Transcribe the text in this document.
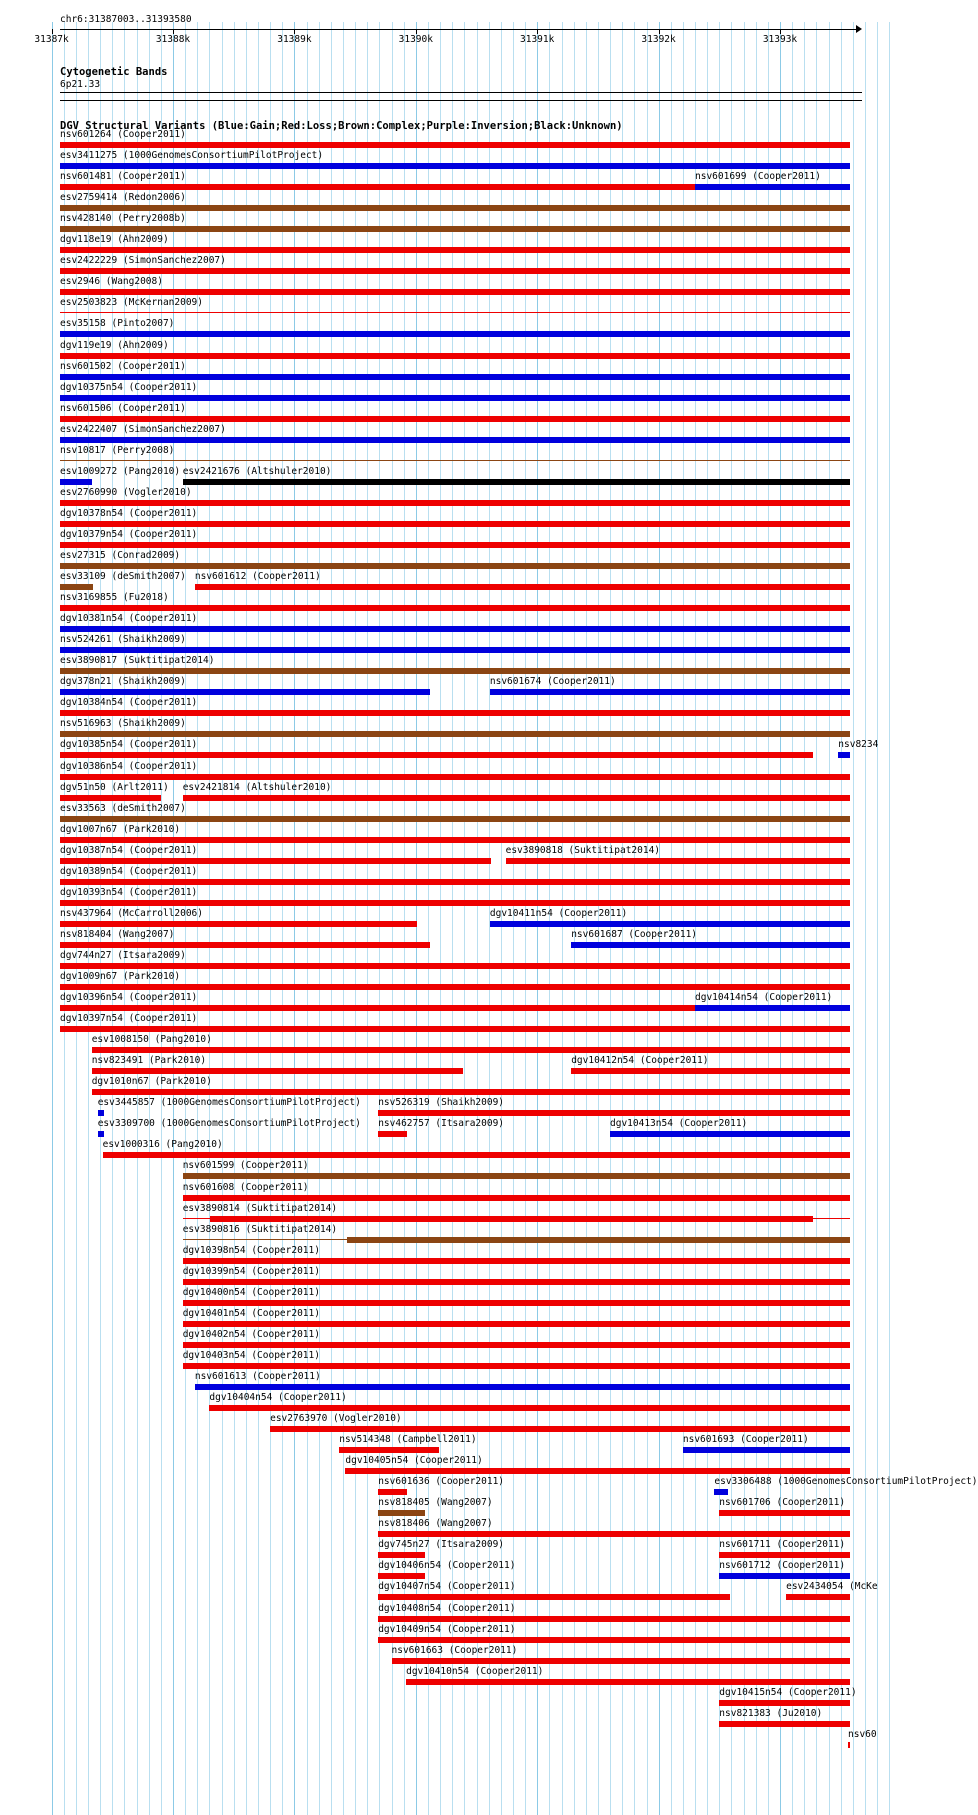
chr6:31387003..31393580
31387k	31388k	31389k	31390k	31391k	31392k	31393k
Cytogenetic Bands
6p21.33
DGV Structural Variants (Blue:Gain;Red:Loss;Brown:Complex;Purple:Inversion;Black:Unknown)
nsv601264 (Cooper2011)
esv3411275 (1000GenomesConsortiumPilotProject)
nsv601481 (Cooper2011)	nsv601699 (Cooper2011)
esv2759414 (Redon2006)
nsv428140 (Perry2008b)
dgv118e19 (Ahn2009)
esv2422229 (SimonSanchez2007)
esv2946 (Wang2008)
esv2503823 (McKernan2009)
esv35158 (Pinto2007)
dgv119e19 (Ahn2009)
nsv601502 (Cooper2011)
dgv10375n54 (Cooper2011)
nsv601506 (Cooper2011)
esv2422407 (SimonSanchez2007)
nsv10817 (Perry2008)
esv1009272 (Pang2010) esv2421676 (Altshuler2010)
esv2760990 (Vogler2010)
dgv10378n54 (Cooper2011)
dgv10379n54 (Cooper2011)
esv27315 (Conrad2009)
esv33109 (deSmith2007) nsv601612 (Cooper2011)
nsv3169855 (Fu2018)
dgv10381n54 (Cooper2011)
nsv524261 (Shaikh2009)
esv3890817 (Suktitipat2014)
dgv378n21 (Shaikh2009)	nsv601674 (Cooper2011)
dgv10384n54 (Cooper2011)
nsv516963 (Shaikh2009)
dgv10385n54 (Cooper2011)	nsv8234
dgv10386n54 (Cooper2011)
dgv51n50 (Arlt2011) esv2421814 (Altshuler2010)
esv33563 (deSmith2007)
dgv1007n67 (Park2010)
dgv10387n54 (Cooper2011)	esv3890818 (Suktitipat2014)
dgv10389n54 (Cooper2011)
dgv10393n54 (Cooper2011)
nsv437964 (McCarroll2006)	dgv10411n54 (Cooper2011)
nsv818404 (Wang2007)	nsv601687 (Cooper2011)
dgv744n27 (Itsara2009)
dgv1009n67 (Park2010)
dgv10396n54 (Cooper2011)	dgv10414n54 (Cooper2011)
dgv10397n54 (Cooper2011)
esv1008150 (Pang2010)
nsv823491 (Park2010)	dgv10412n54 (Cooper2011)
dgv1010n67 (Park2010)
esv3445857 (1000GenomesConsortiumPilotProject) nsv526319 (Shaikh2009)
esv3309700 (1000GenomesConsortiumPilotProject) nsv462757 (Itsara2009)	dgv10413n54 (Cooper2011)
esv1000316 (Pang2010)
nsv601599 (Cooper2011)
nsv601608 (Cooper2011)
esv3890814 (Suktitipat2014)
esv3890816 (Suktitipat2014)
dgv10398n54 (Cooper2011)
dgv10399n54 (Cooper2011)
dgv10400n54 (Cooper2011)
dgv10401n54 (Cooper2011)
dgv10402n54 (Cooper2011)
dgv10403n54 (Cooper2011)
nsv601613 (Cooper2011)
dgv10404n54 (Cooper2011)
esv2763970 (Vogler2010)
nsv514348 (Campbell2011)	nsv601693 (Cooper2011)
dgv10405n54 (Cooper2011)
nsv601636 (Cooper2011)	esv3306488 (1000GenomesConsortiumPilotProject)
nsv818405 (Wang2007)	nsv601706 (Cooper2011)
nsv818406 (Wang2007)
dgv745n27 (Itsara2009)	nsv601711 (Cooper2011)
dgv10406n54 (Cooper2011)	nsv601712 (Cooper2011)
dgv10407n54 (Cooper2011)	esv2434054 (McKe
dgv10408n54 (Cooper2011)
dgv10409n54 (Cooper2011)
nsv601663 (Cooper2011)
dgv10410n54 (Cooper2011)
dgv10415n54 (Cooper2011)
nsv821383 (Ju2010)
nsv60
